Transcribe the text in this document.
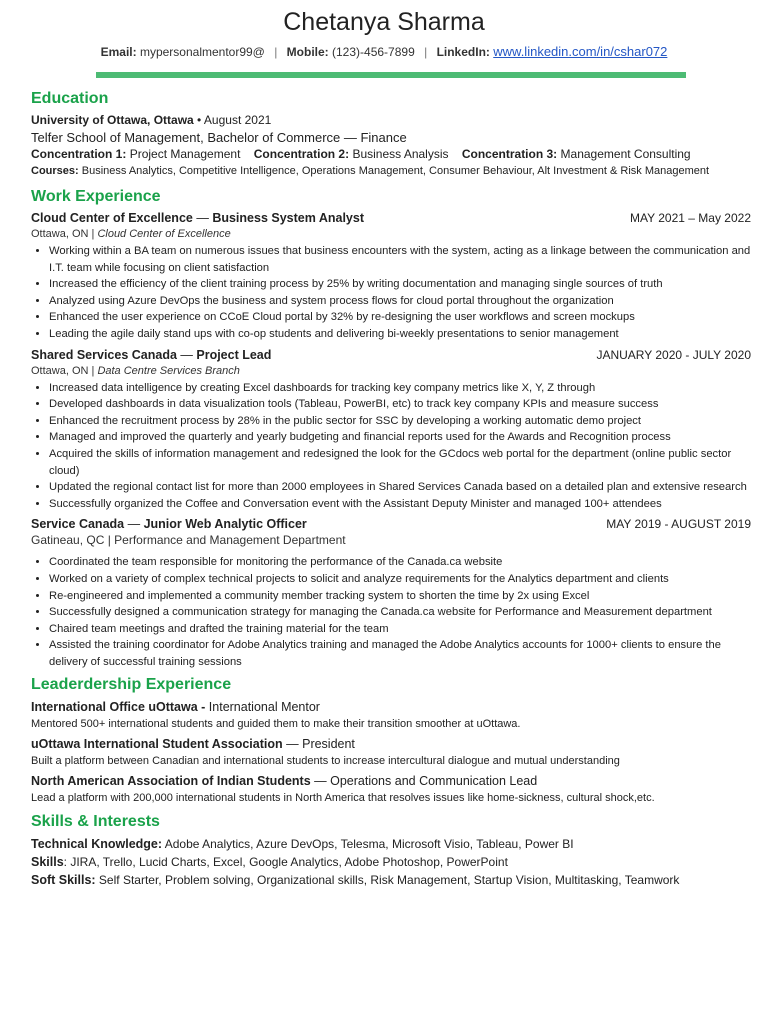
Chetanya Sharma
Email: mypersonalmentor99@ | Mobile: (123)-456-7899 | LinkedIn: www.linkedin.com/in/cshar072
Education
University of Ottawa, Ottawa • August 2021
Telfer School of Management, Bachelor of Commerce — Finance
Concentration 1: Project Management Concentration 2: Business Analysis Concentration 3: Management Consulting
Courses: Business Analytics, Competitive Intelligence, Operations Management, Consumer Behaviour, Alt Investment & Risk Management
Work Experience
Cloud Center of Excellence — Business System Analyst	MAY 2021 – May 2022
Ottawa, ON | Cloud Center of Excellence
• Working within a BA team on numerous issues that business encounters with the system, acting as a linkage between the communication and I.T. team while focusing on client satisfaction
• Increased the efficiency of the client training process by 25% by writing documentation and managing single sources of truth
• Analyzed using Azure DevOps the business and system process flows for cloud portal throughout the organization
• Enhanced the user experience on CCoE Cloud portal by 32% by re-designing the user workflows and screen mockups
• Leading the agile daily stand ups with co-op students and delivering bi-weekly presentations to senior management
Shared Services Canada — Project Lead	JANUARY 2020 - JULY 2020
Ottawa, ON | Data Centre Services Branch
• Increased data intelligence by creating Excel dashboards for tracking key company metrics like X, Y, Z through
• Developed dashboards in data visualization tools (Tableau, PowerBI, etc) to track key company KPIs and measure success
• Enhanced the recruitment process by 28% in the public sector for SSC by developing a working automatic demo project
• Managed and improved the quarterly and yearly budgeting and financial reports used for the Awards and Recognition process
• Acquired the skills of information management and redesigned the look for the GCdocs web portal for the department (online public sector cloud)
• Updated the regional contact list for more than 2000 employees in Shared Services Canada based on a detailed plan and extensive research
• Successfully organized the Coffee and Conversation event with the Assistant Deputy Minister and managed 100+ attendees
Service Canada — Junior Web Analytic Officer	MAY 2019 - AUGUST 2019
Gatineau, QC | Performance and Management Department
• Coordinated the team responsible for monitoring the performance of the Canada.ca website
• Worked on a variety of complex technical projects to solicit and analyze requirements for the Analytics department and clients
• Re-engineered and implemented a community member tracking system to shorten the time by 2x using Excel
• Successfully designed a communication strategy for managing the Canada.ca website for Performance and Measurement department
• Chaired team meetings and drafted the training material for the team
• Assisted the training coordinator for Adobe Analytics training and managed the Adobe Analytics accounts for 1000+ clients to ensure the delivery of successful training sessions
Leaderdership Experience
International Office uOttawa - International Mentor
Mentored 500+ international students and guided them to make their transition smoother at uOttawa.
uOttawa International Student Association — President
Built a platform between Canadian and international students to increase intercultural dialogue and mutual understanding
North American Association of Indian Students — Operations and Communication Lead
Lead a platform with 200,000 international students in North America that resolves issues like home-sickness, cultural shock,etc.
Skills & Interests
Technical Knowledge: Adobe Analytics, Azure DevOps, Telesma, Microsoft Visio, Tableau, Power BI
Skills: JIRA, Trello, Lucid Charts, Excel, Google Analytics, Adobe Photoshop, PowerPoint
Soft Skills: Self Starter, Problem solving, Organizational skills, Risk Management, Startup Vision, Multitasking, Teamwork
